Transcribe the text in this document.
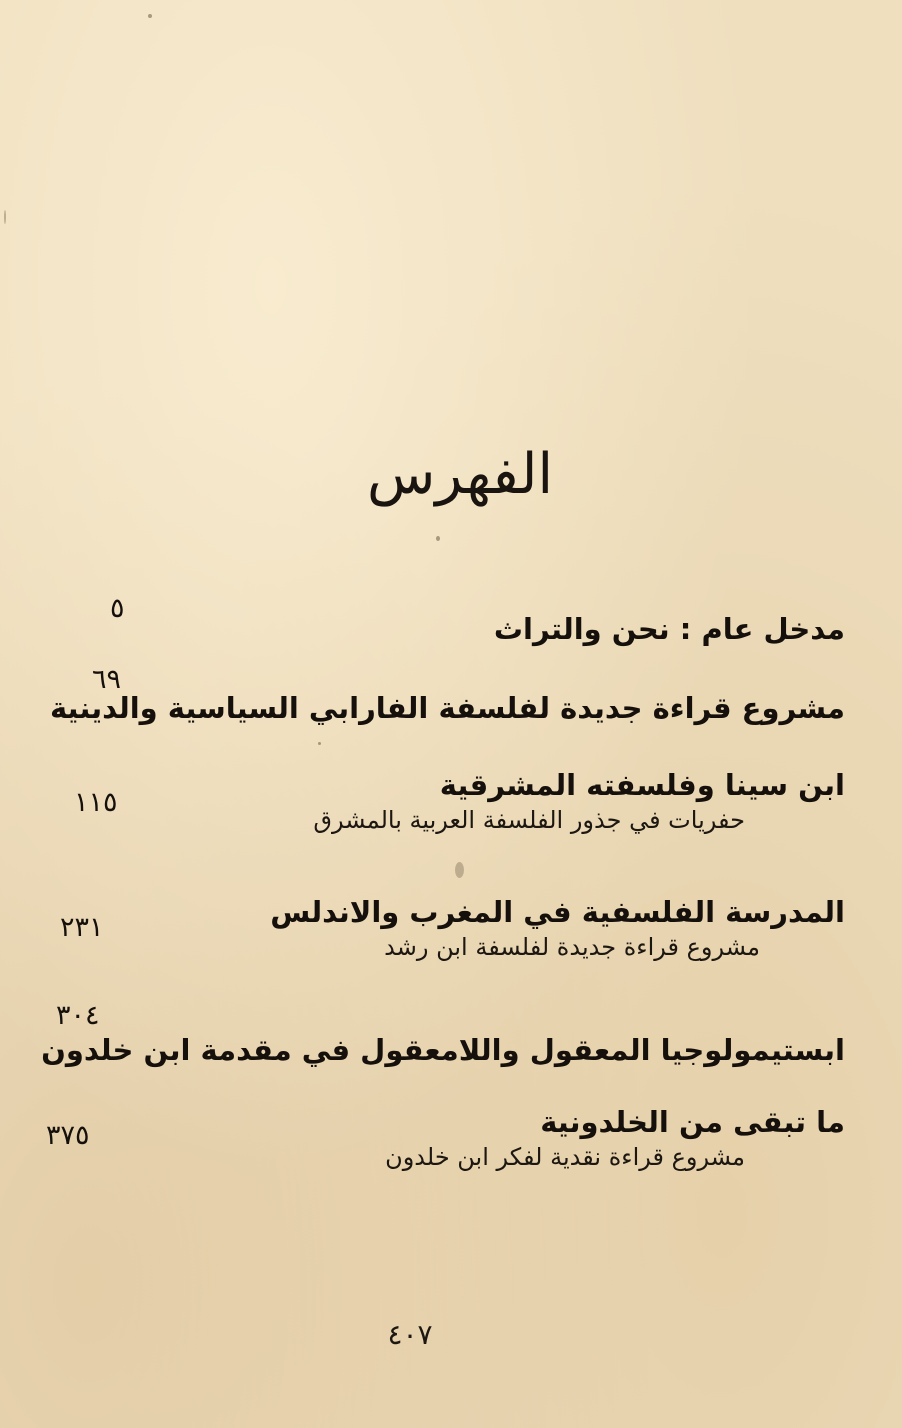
الفهرس
مدخل عام : نحن والتراث
٥
مشروع قراءة جديدة لفلسفة الفارابي السياسية والدينية
٦٩
ابن سينا وفلسفته المشرقية
حفريات في جذور الفلسفة العربية بالمشرق
١١٥
المدرسة الفلسفية في المغرب والاندلس
مشروع قراءة جديدة لفلسفة ابن رشد
٢٣١
ابستيمولوجيا المعقول واللامعقول في مقدمة ابن خلدون
٣٠٤
ما تبقى من الخلدونية
مشروع قراءة نقدية لفكر ابن خلدون
٣٧٥
٤٠٧
